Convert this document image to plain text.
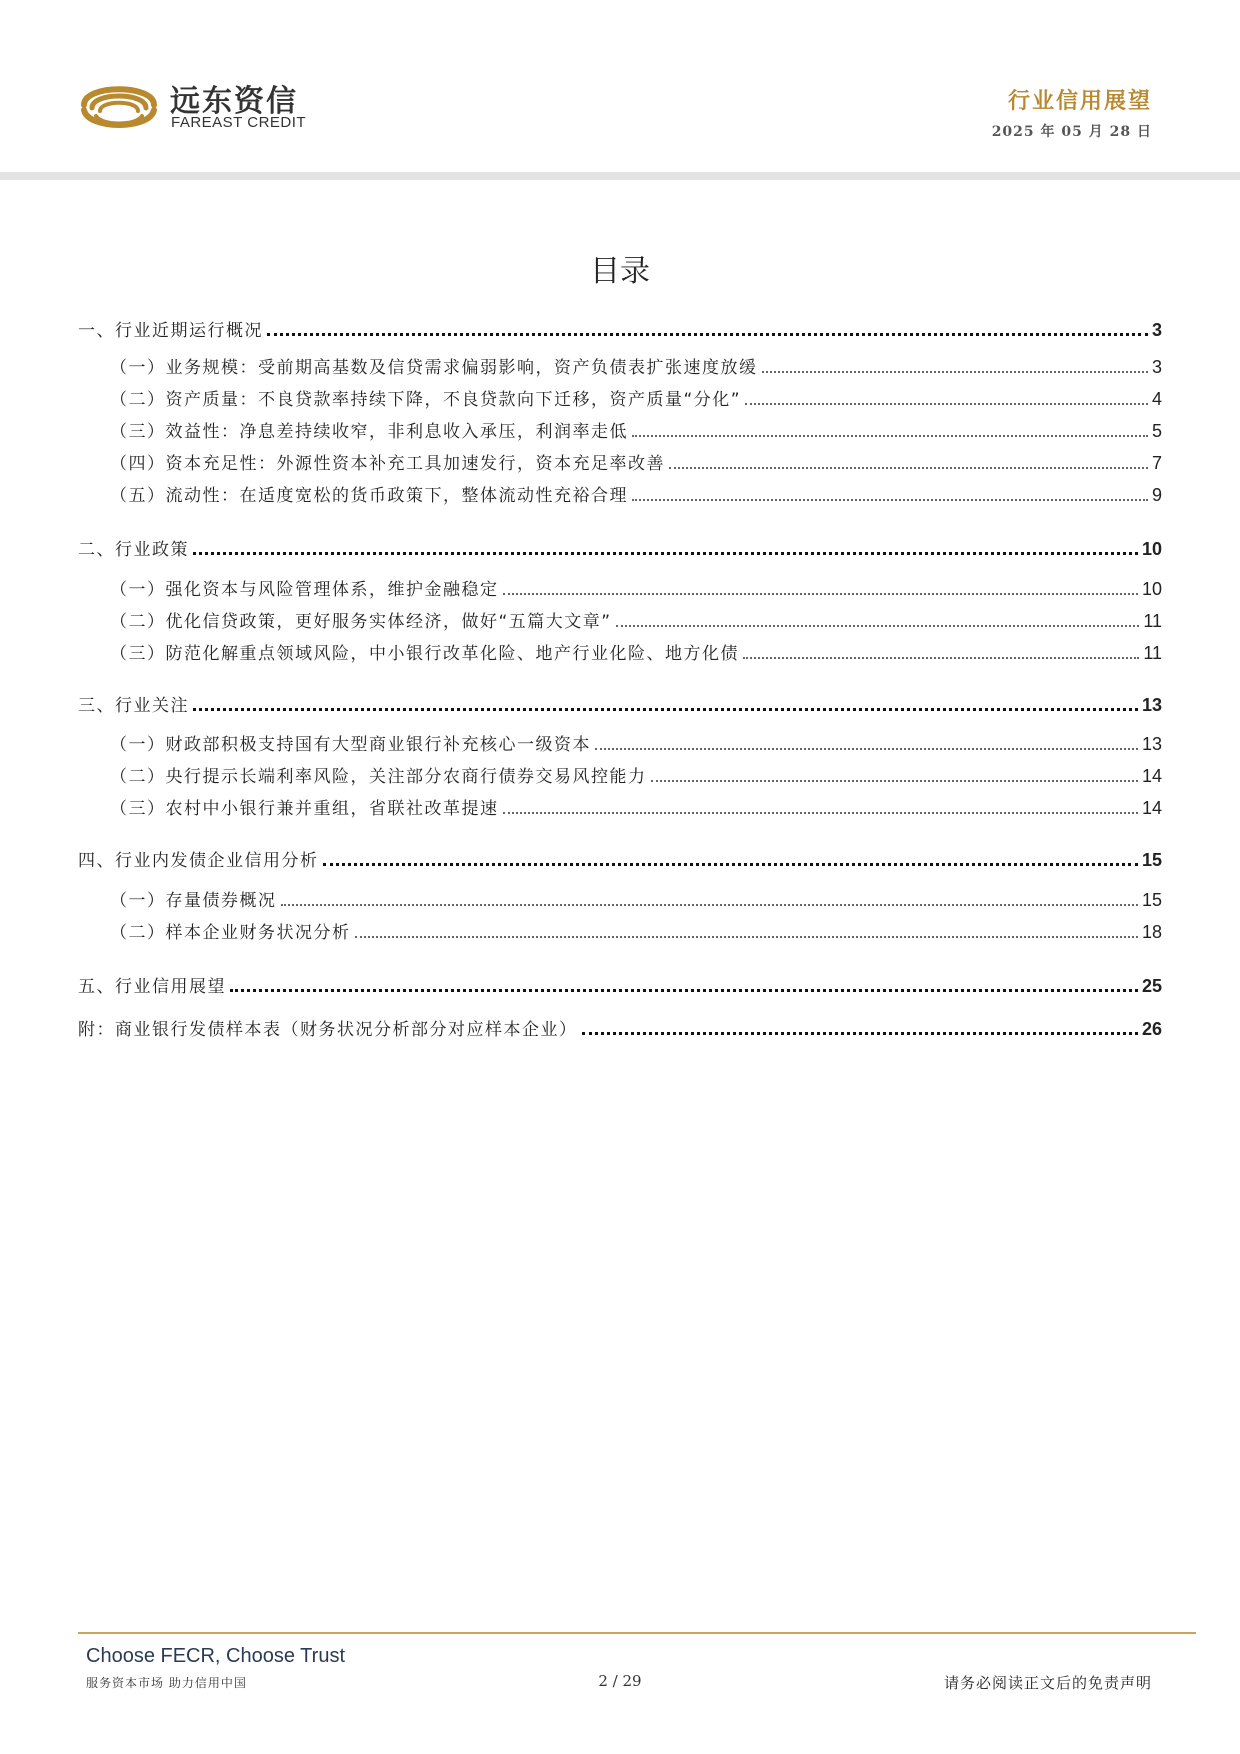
远东资信
FAREAST CREDIT
行业信用展望
2025 年 05 月 28 日
目录
一、行业近期运行概况	3
（一）业务规模：受前期高基数及信贷需求偏弱影响，资产负债表扩张速度放缓	3
（二）资产质量：不良贷款率持续下降，不良贷款向下迁移，资产质量“分化”	4
（三）效益性：净息差持续收窄，非利息收入承压，利润率走低	5
（四）资本充足性：外源性资本补充工具加速发行，资本充足率改善	7
（五）流动性：在适度宽松的货币政策下，整体流动性充裕合理	9
二、行业政策	10
（一）强化资本与风险管理体系，维护金融稳定	10
（二）优化信贷政策，更好服务实体经济，做好“五篇大文章”	11
（三）防范化解重点领域风险，中小银行改革化险、地产行业化险、地方化债	11
三、行业关注	13
（一）财政部积极支持国有大型商业银行补充核心一级资本	13
（二）央行提示长端利率风险，关注部分农商行债券交易风控能力	14
（三）农村中小银行兼并重组，省联社改革提速	14
四、行业内发债企业信用分析	15
（一）存量债券概况	15
（二）样本企业财务状况分析	18
五、行业信用展望	25
附：商业银行发债样本表（财务状况分析部分对应样本企业）	26
Choose FECR, Choose Trust
服务资本市场 助力信用中国	2 / 29	请务必阅读正文后的免责声明
